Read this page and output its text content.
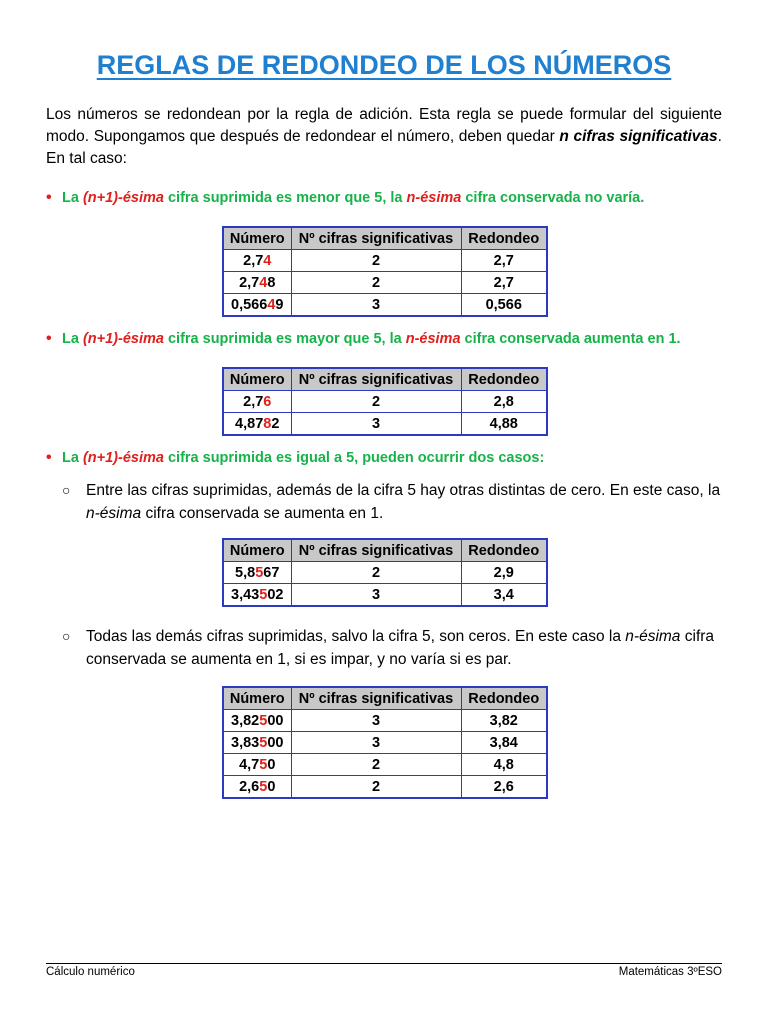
REGLAS DE REDONDEO DE LOS NÚMEROS
Los números se redondean por la regla de adición. Esta regla se puede formular del siguiente modo. Supongamos que después de redondear el número, deben quedar n cifras significativas. En tal caso:
• La (n+1)-ésima cifra suprimida es menor que 5, la n-ésima cifra conservada no varía.
Número	Nº cifras significativas	Redondeo
2,74	2	2,7
2,748	2	2,7
0,56649	3	0,566
• La (n+1)-ésima cifra suprimida es mayor que 5, la n-ésima cifra conservada aumenta en 1.
Número	Nº cifras significativas	Redondeo
2,76	2	2,8
4,8782	3	4,88
• La (n+1)-ésima cifra suprimida es igual a 5, pueden ocurrir dos casos:
○ Entre las cifras suprimidas, además de la cifra 5 hay otras distintas de cero. En este caso, la n-ésima cifra conservada se aumenta en 1.
Número	Nº cifras significativas	Redondeo
5,8567	2	2,9
3,43502	3	3,4
○ Todas las demás cifras suprimidas, salvo la cifra 5, son ceros. En este caso la n-ésima cifra conservada se aumenta en 1, si es impar, y no varía si es par.
Número	Nº cifras significativas	Redondeo
3,82500	3	3,82
3,83500	3	3,84
4,750	2	4,8
2,650	2	2,6
Cálculo numérico	Matemáticas 3ºESO
